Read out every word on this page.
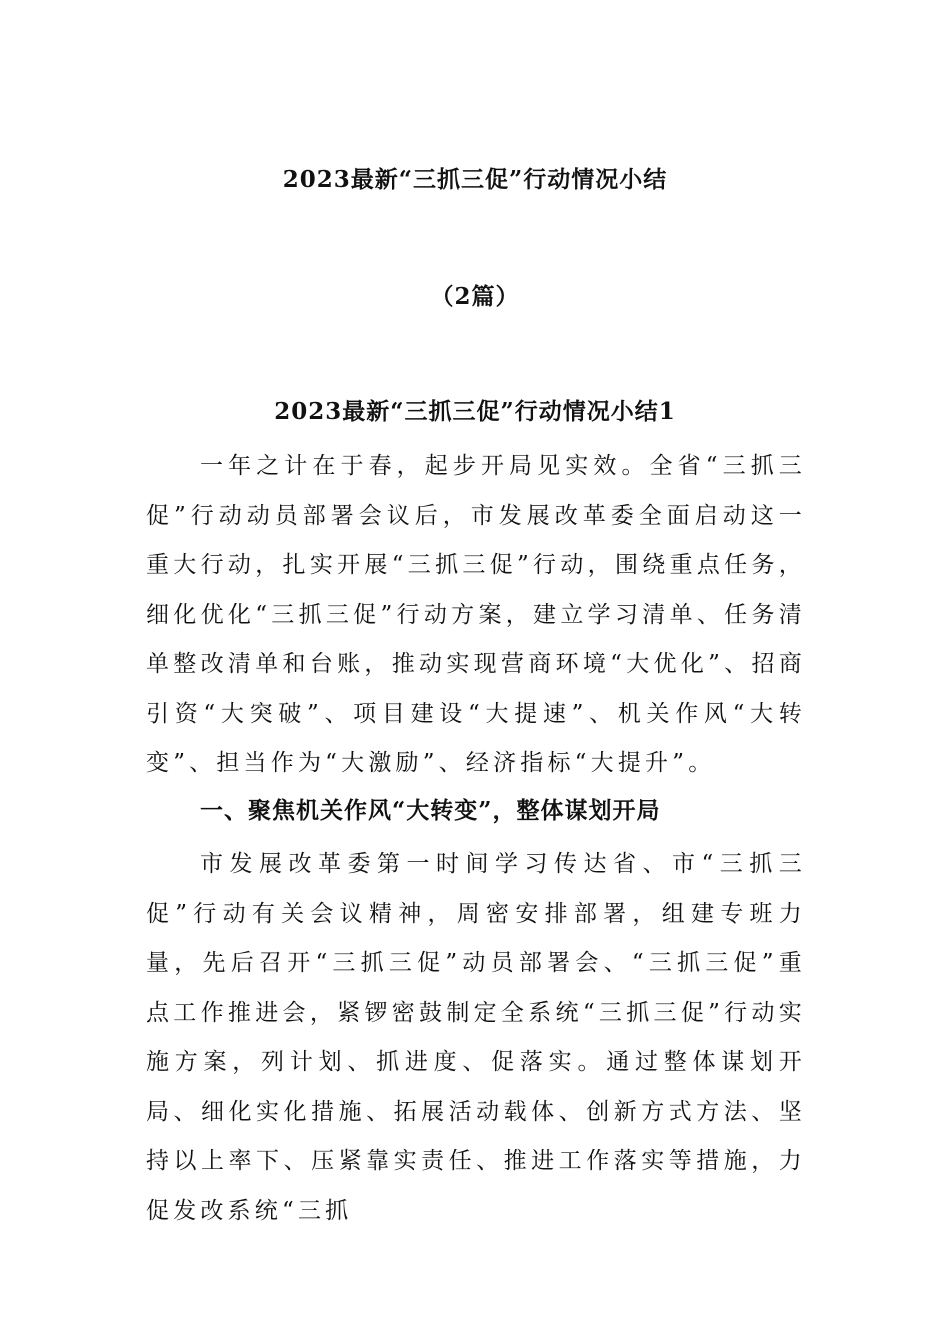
2023最新“三抓三促”行动情况小结
（2篇）
2023最新“三抓三促”行动情况小结1

一年之计在于春，起步开局见实效。全省“三抓三促”行动动员部署会议后，市发展改革委全面启动这一重大行动，扎实开展“三抓三促”行动，围绕重点任务，细化优化“三抓三促”行动方案，建立学习清单、任务清单整改清单和台账，推动实现营商环境“大优化”、招商引资“大突破”、项目建设“大提速”、机关作风“大转变”、担当作为“大激励”、经济指标“大提升”。

一、聚焦机关作风“大转变”，整体谋划开局

市发展改革委第一时间学习传达省、市“三抓三促”行动有关会议精神，周密安排部署，组建专班力量，先后召开“三抓三促”动员部署会、“三抓三促”重点工作推进会，紧锣密鼓制定全系统“三抓三促”行动实施方案，列计划、抓进度、促落实。通过整体谋划开局、细化实化措施、拓展活动载体、创新方式方法、坚持以上率下、压紧靠实责任、推进工作落实等措施，力促发改系统“三抓
